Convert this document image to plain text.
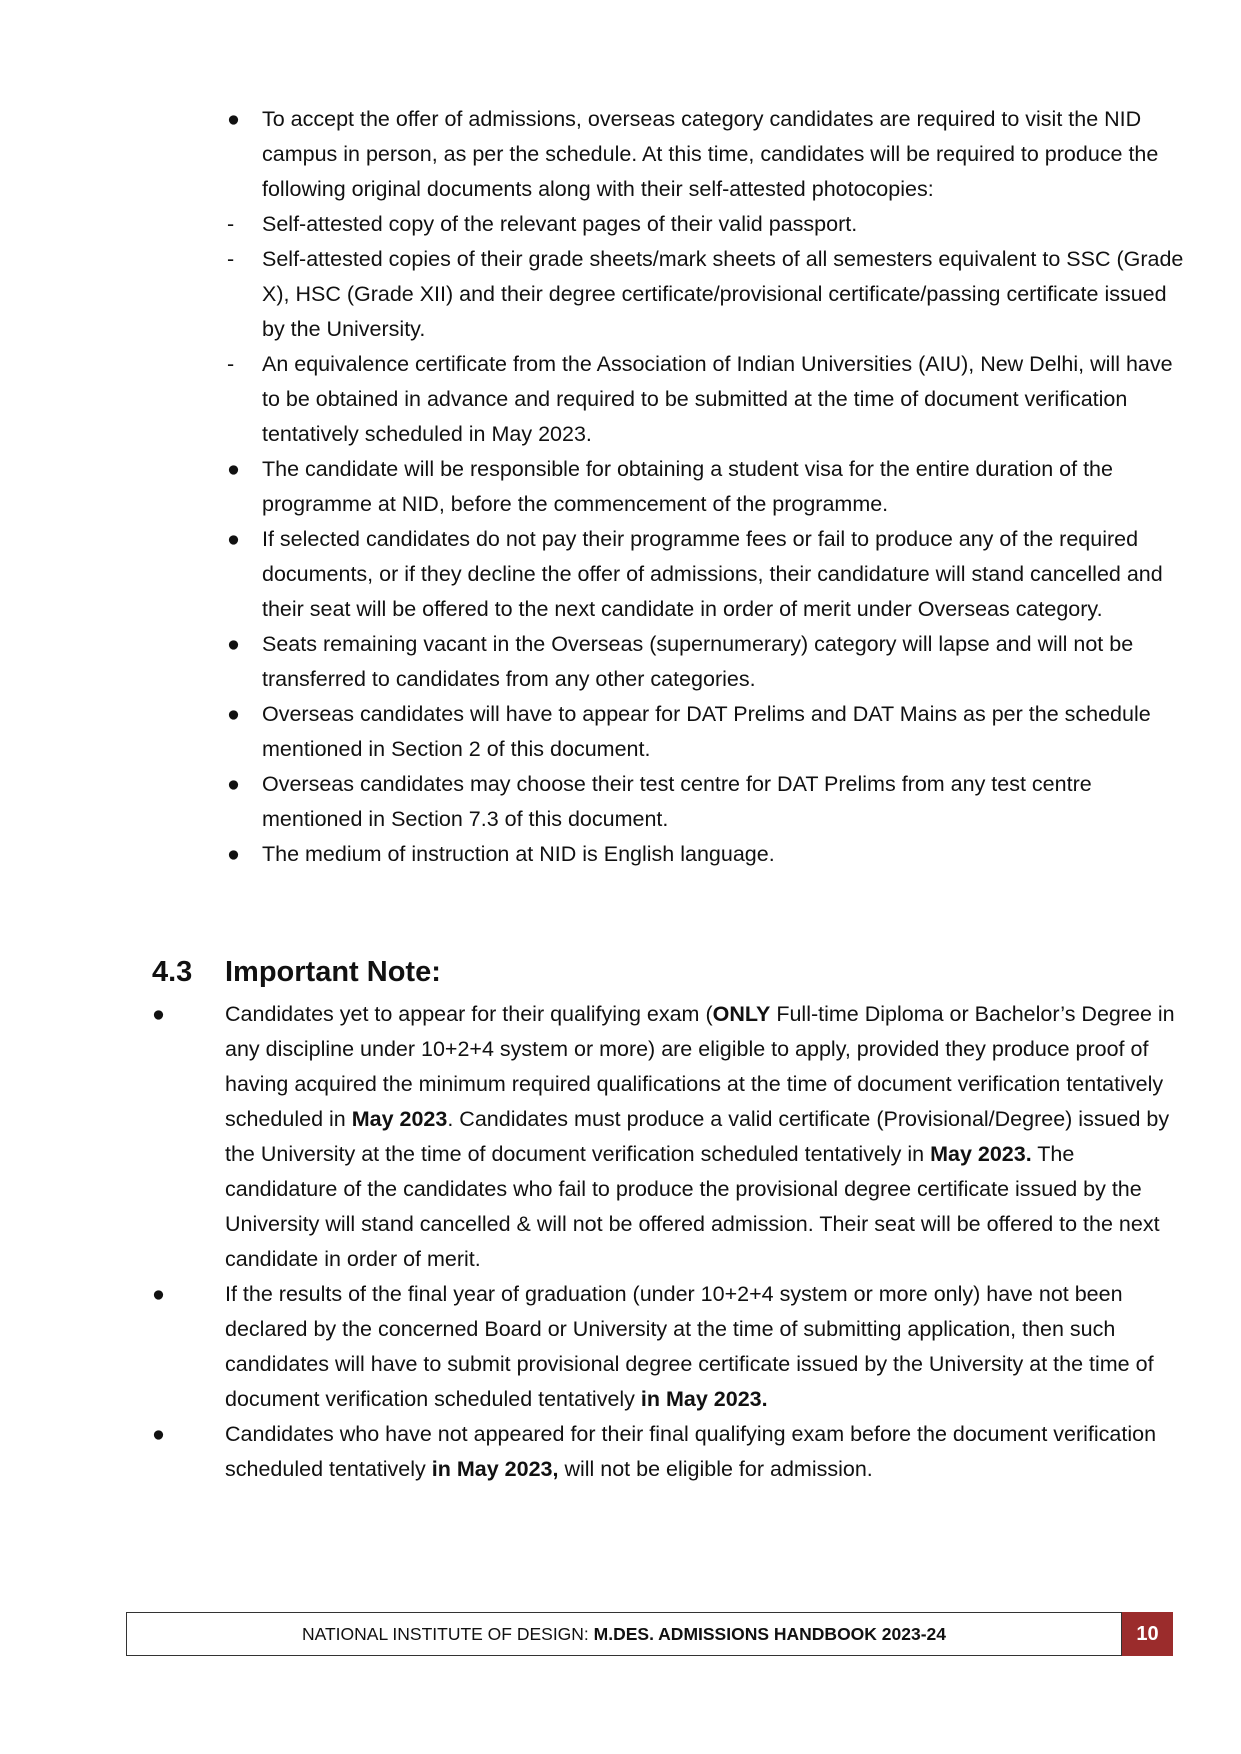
●	To accept the offer of admissions, overseas category candidates are required to visit the NID campus in person, as per the schedule. At this time, candidates will be required to produce the following original documents along with their self-attested photocopies:
-	Self-attested copy of the relevant pages of their valid passport.
-	Self-attested copies of their grade sheets/mark sheets of all semesters equivalent to SSC (Grade X), HSC (Grade XII) and their degree certificate/provisional certificate/passing certificate issued by the University.
-	An equivalence certificate from the Association of Indian Universities (AIU), New Delhi, will have to be obtained in advance and required to be submitted at the time of document verification tentatively scheduled in May 2023.
●	The candidate will be responsible for obtaining a student visa for the entire duration of the programme at NID, before the commencement of the programme.
●	If selected candidates do not pay their programme fees or fail to produce any of the required documents, or if they decline the offer of admissions, their candidature will stand cancelled and their seat will be offered to the next candidate in order of merit under Overseas category.
●	Seats remaining vacant in the Overseas (supernumerary) category will lapse and will not be transferred to candidates from any other categories.
●	Overseas candidates will have to appear for DAT Prelims and DAT Mains as per the schedule mentioned in Section 2 of this document.
●	Overseas candidates may choose their test centre for DAT Prelims from any test centre mentioned in Section 7.3 of this document.
●	The medium of instruction at NID is English language.
4.3 Important Note:
●	Candidates yet to appear for their qualifying exam (ONLY Full-time Diploma or Bachelor’s Degree in any discipline under 10+2+4 system or more) are eligible to apply, provided they produce proof of having acquired the minimum required qualifications at the time of document verification tentatively scheduled in May 2023. Candidates must produce a valid certificate (Provisional/Degree) issued by the University at the time of document verification scheduled tentatively in May 2023. The candidature of the candidates who fail to produce the provisional degree certificate issued by the University will stand cancelled & will not be offered admission. Their seat will be offered to the next candidate in order of merit.
●	If the results of the final year of graduation (under 10+2+4 system or more only) have not been declared by the concerned Board or University at the time of submitting application, then such candidates will have to submit provisional degree certificate issued by the University at the time of document verification scheduled tentatively in May 2023.
●	Candidates who have not appeared for their final qualifying exam before the document verification scheduled tentatively in May 2023, will not be eligible for admission.
NATIONAL INSTITUTE OF DESIGN: M.DES. ADMISSIONS HANDBOOK 2023-24	10
